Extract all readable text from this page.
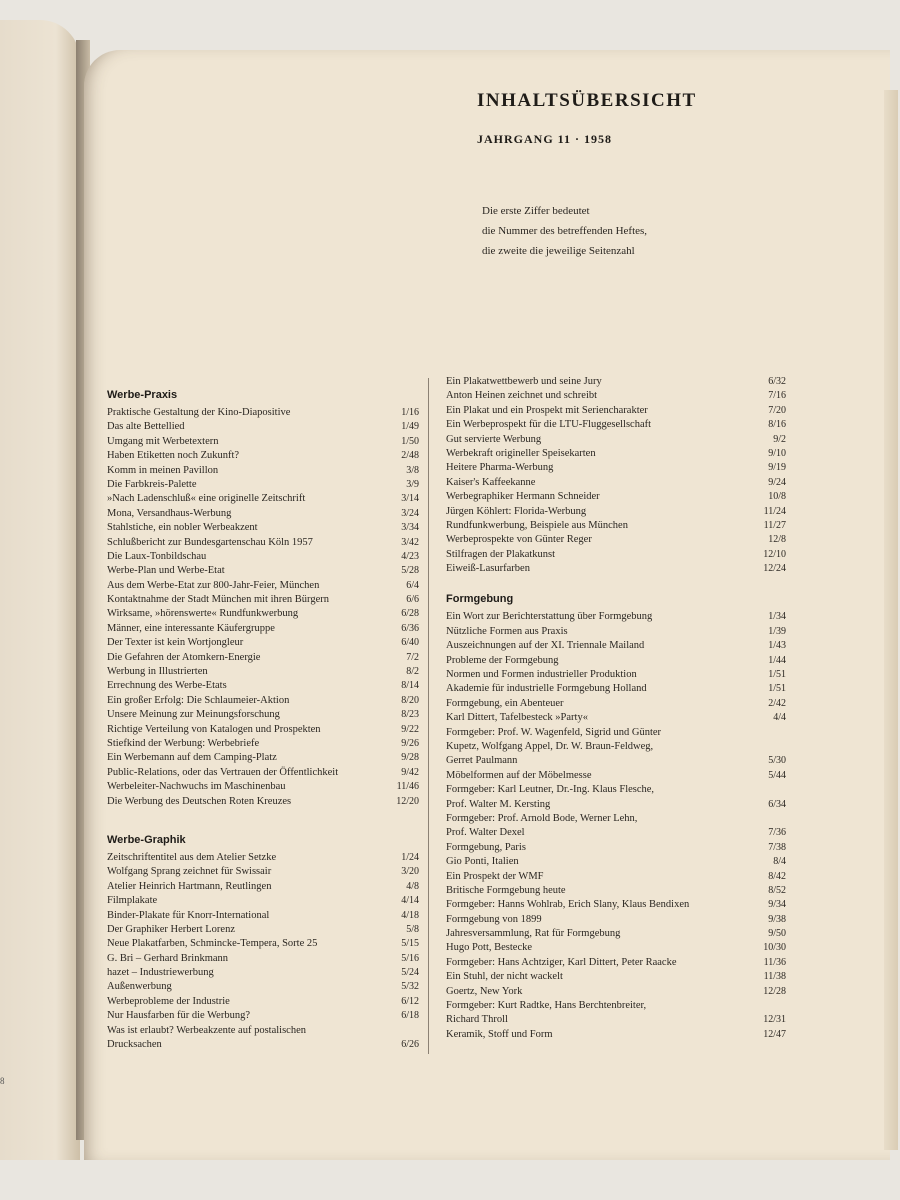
8
INHALTSÜBERSICHT
JAHRGANG 11 · 1958
Die erste Ziffer bedeutet
die Nummer des betreffenden Heftes,
die zweite die jeweilige Seitenzahl
Werbe-Praxis
Praktische Gestaltung der Kino-Diapositive	1/16
Das alte Bettellied	1/49
Umgang mit Werbetextern	1/50
Haben Etiketten noch Zukunft?	2/48
Komm in meinen Pavillon	3/8
Die Farbkreis-Palette	3/9
»Nach Ladenschluß« eine originelle Zeitschrift	3/14
Mona, Versandhaus-Werbung	3/24
Stahlstiche, ein nobler Werbeakzent	3/34
Schlußbericht zur Bundesgartenschau Köln 1957	3/42
Die Laux-Tonbildschau	4/23
Werbe-Plan und Werbe-Etat	5/28
Aus dem Werbe-Etat zur 800-Jahr-Feier, München	6/4
Kontaktnahme der Stadt München mit ihren Bürgern	6/6
Wirksame, »hörenswerte« Rundfunkwerbung	6/28
Männer, eine interessante Käufergruppe	6/36
Der Texter ist kein Wortjongleur	6/40
Die Gefahren der Atomkern-Energie	7/2
Werbung in Illustrierten	8/2
Errechnung des Werbe-Etats	8/14
Ein großer Erfolg: Die Schlaumeier-Aktion	8/20
Unsere Meinung zur Meinungsforschung	8/23
Richtige Verteilung von Katalogen und Prospekten	9/22
Stiefkind der Werbung: Werbebriefe	9/26
Ein Werbemann auf dem Camping-Platz	9/28
Public-Relations, oder das Vertrauen der Öffentlichkeit	9/42
Werbeleiter-Nachwuchs im Maschinenbau	11/46
Die Werbung des Deutschen Roten Kreuzes	12/20
Werbe-Graphik
Zeitschriftentitel aus dem Atelier Setzke	1/24
Wolfgang Sprang zeichnet für Swissair	3/20
Atelier Heinrich Hartmann, Reutlingen	4/8
Filmplakate	4/14
Binder-Plakate für Knorr-International	4/18
Der Graphiker Herbert Lorenz	5/8
Neue Plakatfarben, Schmincke-Tempera, Sorte 25	5/15
G. Bri – Gerhard Brinkmann	5/16
hazet – Industriewerbung	5/24
Außenwerbung	5/32
Werbeprobleme der Industrie	6/12
Nur Hausfarben für die Werbung?	6/18
Was ist erlaubt? Werbeakzente auf postalischen
Drucksachen	6/26
Ein Plakatwettbewerb und seine Jury	6/32
Anton Heinen zeichnet und schreibt	7/16
Ein Plakat und ein Prospekt mit Seriencharakter	7/20
Ein Werbeprospekt für die LTU-Fluggesellschaft	8/16
Gut servierte Werbung	9/2
Werbekraft origineller Speisekarten	9/10
Heitere Pharma-Werbung	9/19
Kaiser's Kaffeekanne	9/24
Werbegraphiker Hermann Schneider	10/8
Jürgen Köhlert: Florida-Werbung	11/24
Rundfunkwerbung, Beispiele aus München	11/27
Werbeprospekte von Günter Reger	12/8
Stilfragen der Plakatkunst	12/10
Eiweiß-Lasurfarben	12/24
Formgebung
Ein Wort zur Berichterstattung über Formgebung	1/34
Nützliche Formen aus Praxis	1/39
Auszeichnungen auf der XI. Triennale Mailand	1/43
Probleme der Formgebung	1/44
Normen und Formen industrieller Produktion	1/51
Akademie für industrielle Formgebung Holland	1/51
Formgebung, ein Abenteuer	2/42
Karl Dittert, Tafelbesteck »Party«	4/4
Formgeber: Prof. W. Wagenfeld, Sigrid und Günter
Kupetz, Wolfgang Appel, Dr. W. Braun-Feldweg,
Gerret Paulmann	5/30
Möbelformen auf der Möbelmesse	5/44
Formgeber: Karl Leutner, Dr.-Ing. Klaus Flesche,
Prof. Walter M. Kersting	6/34
Formgeber: Prof. Arnold Bode, Werner Lehn,
Prof. Walter Dexel	7/36
Formgebung, Paris	7/38
Gio Ponti, Italien	8/4
Ein Prospekt der WMF	8/42
Britische Formgebung heute	8/52
Formgeber: Hanns Wohlrab, Erich Slany, Klaus Bendixen	9/34
Formgebung von 1899	9/38
Jahresversammlung, Rat für Formgebung	9/50
Hugo Pott, Bestecke	10/30
Formgeber: Hans Achtziger, Karl Dittert, Peter Raacke	11/36
Ein Stuhl, der nicht wackelt	11/38
Goertz, New York	12/28
Formgeber: Kurt Radtke, Hans Berchtenbreiter,
Richard Throll	12/31
Keramik, Stoff und Form	12/47
